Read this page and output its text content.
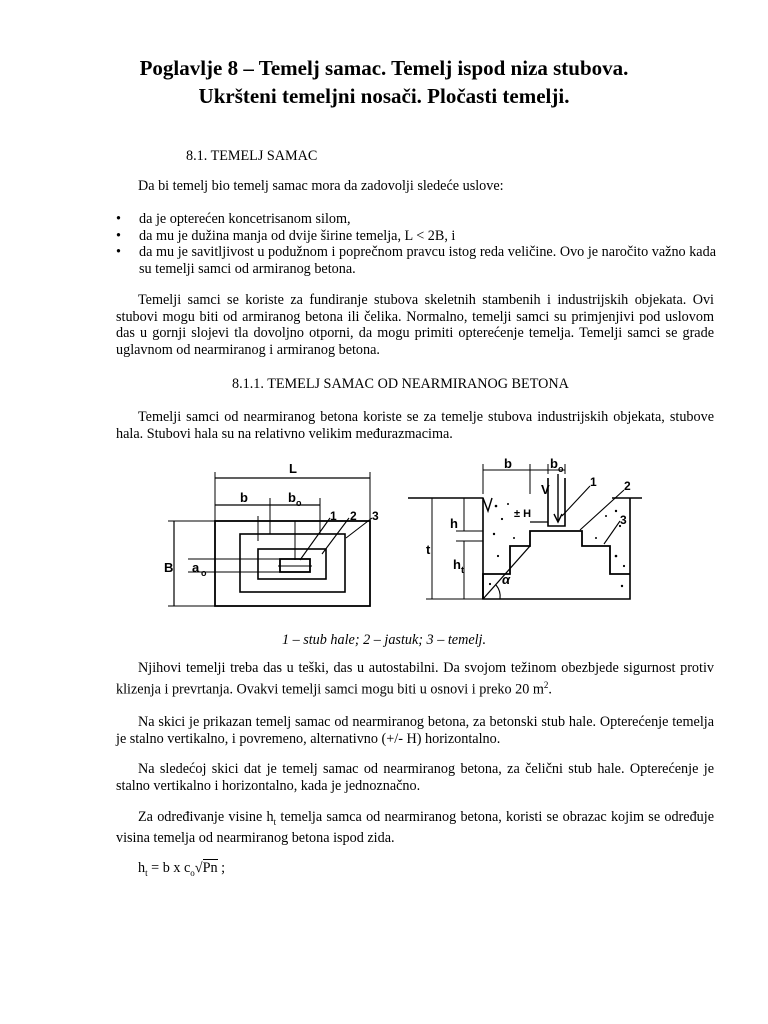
Poglavlje 8 – Temelj samac. Temelj ispod niza stubova.
Ukršteni temeljni nosači. Pločasti temelji.
8.1. TEMELJ SAMAC
Da bi temelj bio temelj samac mora da zadovolji sledeće uslove:
• da je opterećen koncetrisanom silom,
• da mu je dužina manja od dvije širine temelja, L < 2B, i
• da mu je savitljivost u podužnom i poprečnom pravcu istog reda veličine. Ovo je naročito važno kada su temelji samci od armiranog betona.
Temelji samci se koriste za fundiranje stubova skeletnih stambenih i industrijskih objekata. Ovi stubovi mogu biti od armiranog betona ili čelika. Normalno, temelji samci su primjenjivi pod uslovom das u gornji slojevi tla dovoljno otporni, da mogu primiti opterećenje temelja. Temelji samci se grade uglavnom od nearmiranog i armiranog betona.
8.1.1. TEMELJ SAMAC OD NEARMIRANOG BETONA
Temelji samci od nearmiranog betona koriste se za temelje stubova industrijskih objekata, stubove hala. Stubovi hala su na relativno velikim međurazmacima.
L
b	b o
B a o
1 2 3
b	b o
V
± H
h
t
h t
α
1 2
3
1 – stub hale; 2 – jastuk; 3 – temelj.
Njihovi temelji treba das u teški, das u autostabilni. Da svojom težinom obezbjede sigurnost protiv klizenja i prevrtanja. Ovakvi temelji samci mogu biti u osnovi i preko 20 $m^2$.
Na skici je prikazan temelj samac od nearmiranog betona, za betonski stub hale. Opterećenje temelja je stalno vertikalno, i povremeno, alternativno (+/- H) horizontalno.
Na sledećoj skici dat je temelj samac od nearmiranog betona, za čelični stub hale. Opterećenje je stalno vertikalno i horizontalno, kada je jednoznačno.
Za određivanje visine $h_t$ temelja samca od nearmiranog betona, koristi se obrazac kojim se određuje visina temelja od nearmiranog betona ispod zida.
$h_t = b$ x $c_o√Pn$ ;
